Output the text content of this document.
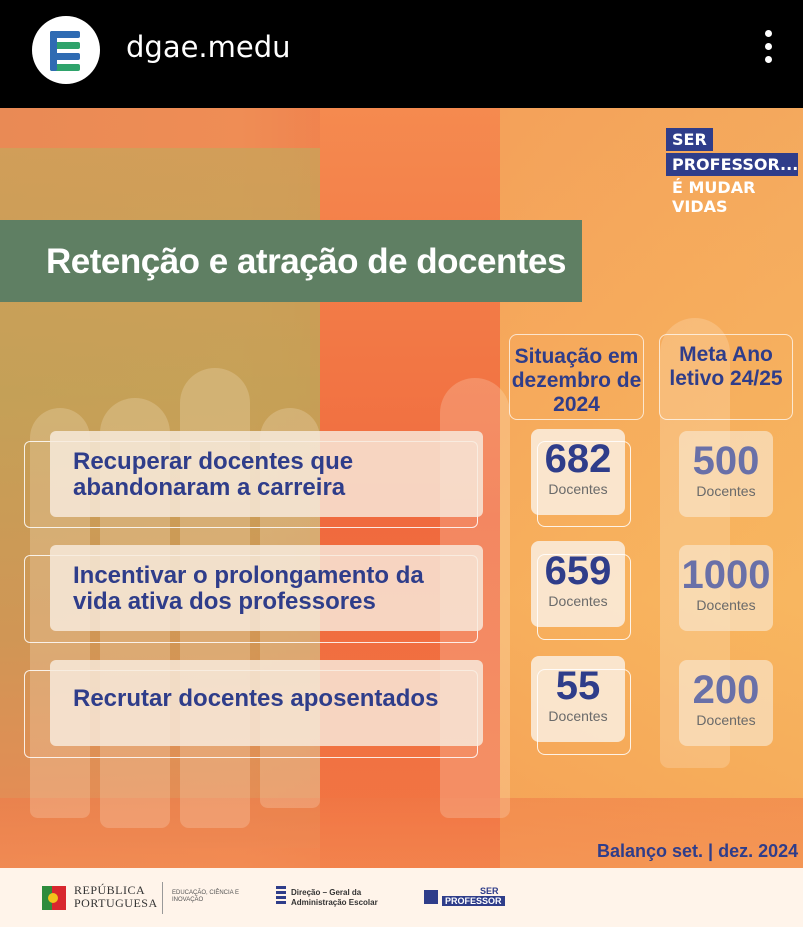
dgae.medu
SER
PROFESSOR...
É MUDAR VIDAS
Retenção e atração de docentes
Situação em dezembro de 2024
Meta Ano letivo 24/25
Recuperar docentes que abandonaram a carreira
682
Docentes
500
Docentes
Incentivar o prolongamento da vida ativa dos professores
659
Docentes
1000
Docentes
Recrutar docentes aposentados	55
Docentes
200
Docentes
Balanço set. | dez. 2024
REPÚBLICA PORTUGUESA
EDUCAÇÃO, CIÊNCIA E INOVAÇÃO
Direção – Geral da Administração Escolar
SER
PROFESSOR
